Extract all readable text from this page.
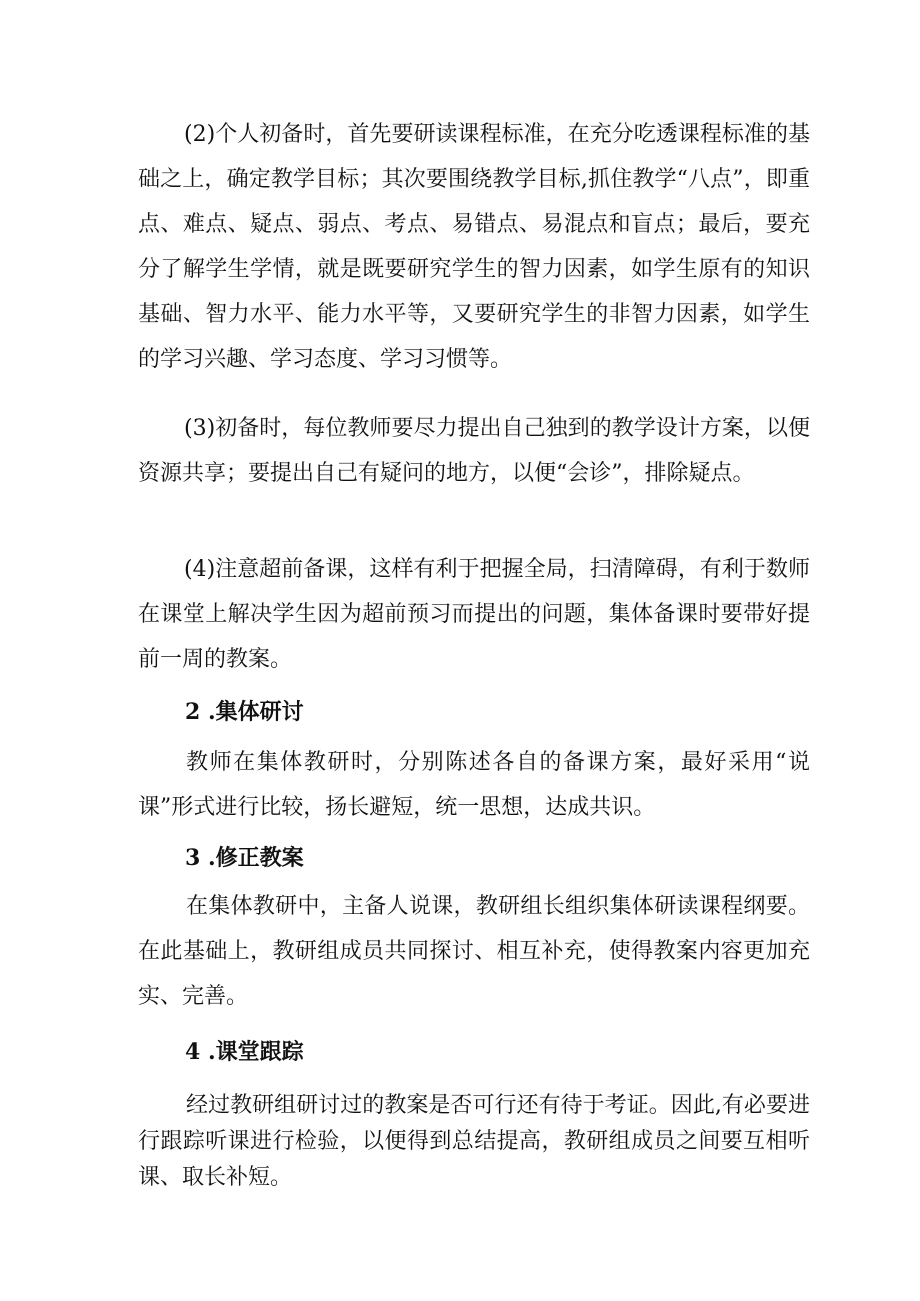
(2)个人初备时，首先要研读课程标准，在充分吃透课程标准的基础之上，确定教学目标；其次要围绕教学目标,抓住教学“八点”，即重点、难点、疑点、弱点、考点、易错点、易混点和盲点；最后，要充分了解学生学情，就是既要研究学生的智力因素，如学生原有的知识基础、智力水平、能力水平等，又要研究学生的非智力因素，如学生的学习兴趣、学习态度、学习习惯等。

(3)初备时，每位教师要尽力提出自己独到的教学设计方案，以便资源共享；要提出自己有疑问的地方，以便“会诊”，排除疑点。

(4)注意超前备课，这样有利于把握全局，扫清障碍，有利于数师在课堂上解决学生因为超前预习而提出的问题，集体备课时要带好提前一周的教案。

2 .集体研讨

教师在集体教研时，分别陈述各自的备课方案，最好采用“说课”形式进行比较，扬长避短，统一思想，达成共识。

3 .修正教案

在集体教研中，主备人说课，教研组长组织集体研读课程纲要。在此基础上，教研组成员共同探讨、相互补充，使得教案内容更加充实、完善。

4 .课堂跟踪

经过教研组研讨过的教案是否可行还有待于考证。因此,有必要进行跟踪听课进行检验，以便得到总结提高，教研组成员之间要互相听课、取长补短。
